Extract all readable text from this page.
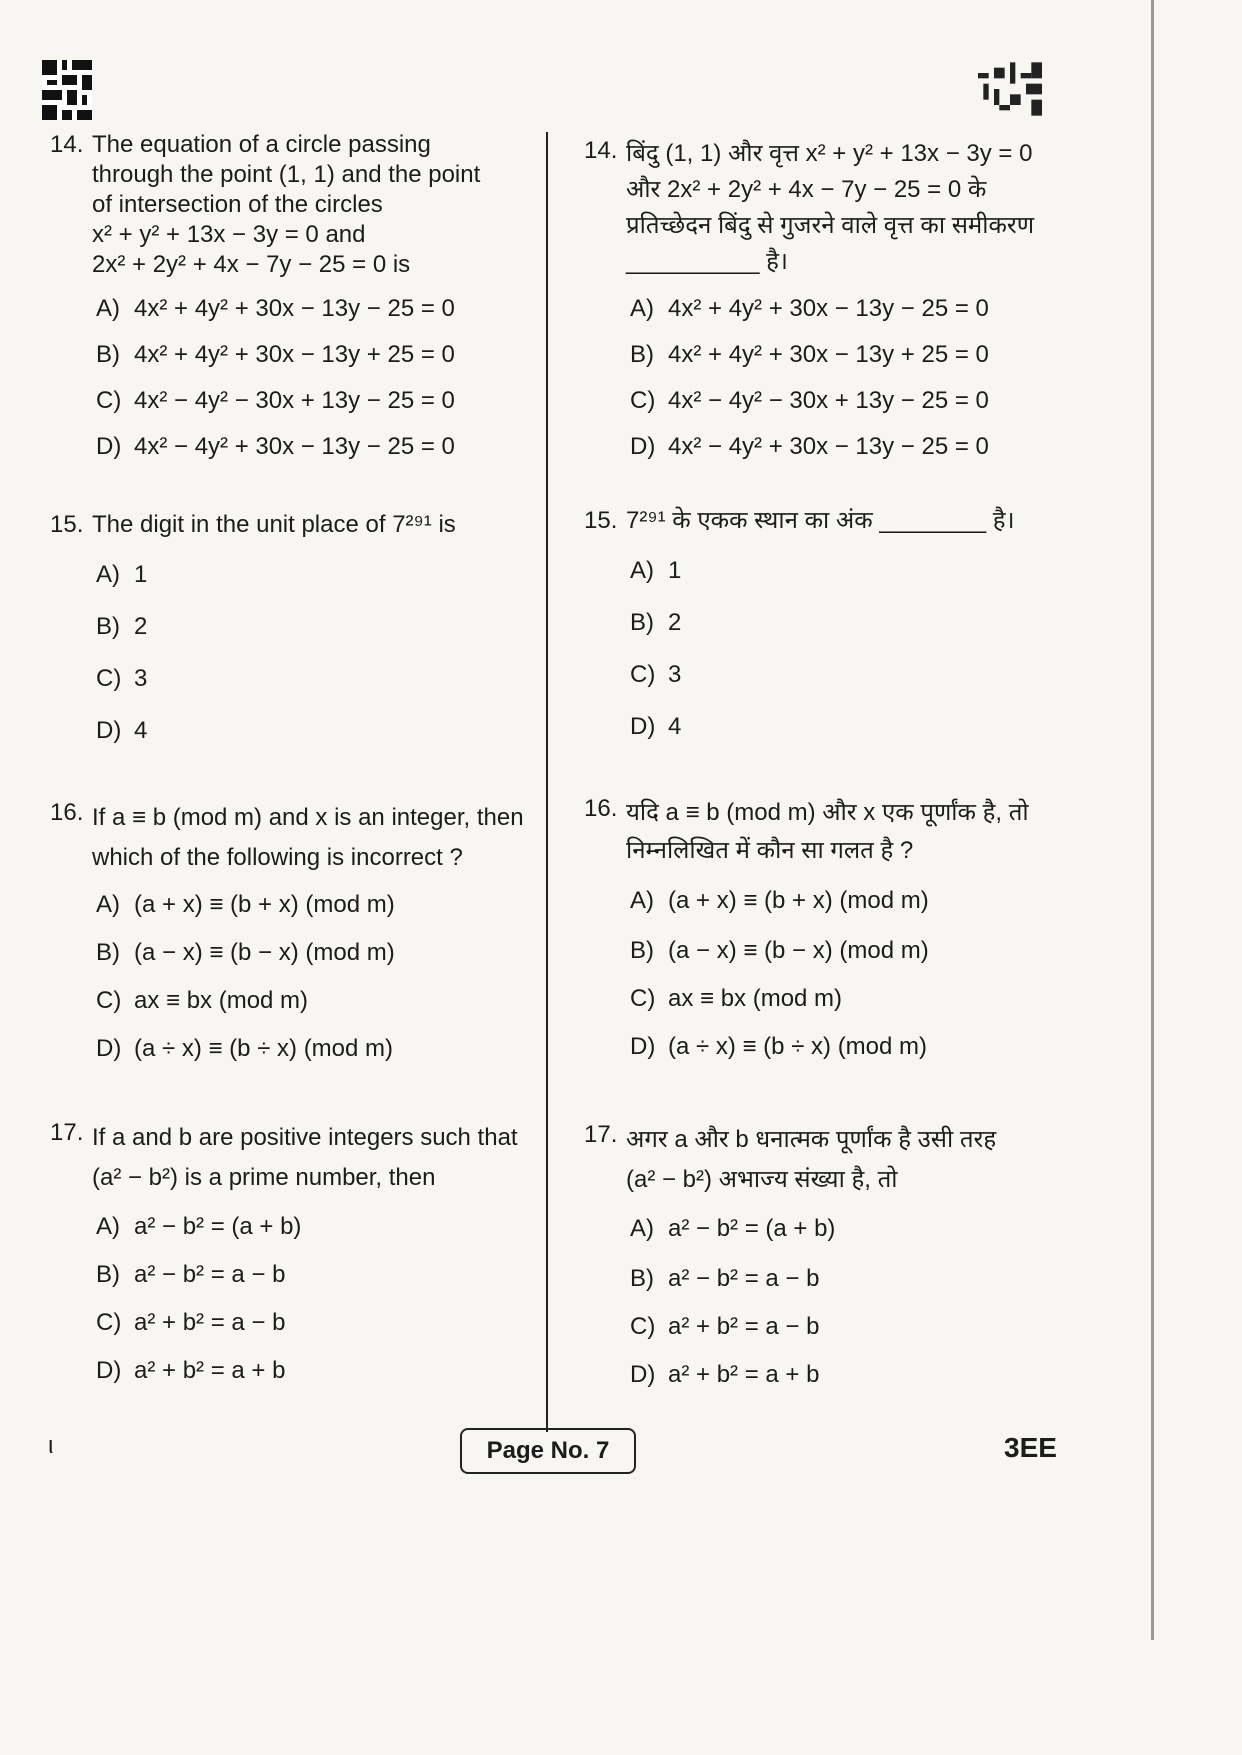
14. The equation of a circle passing
through the point (1, 1) and the point
of intersection of the circles
x² + y² + 13x − 3y = 0 and
2x² + 2y² + 4x − 7y − 25 = 0 is
A) 4x² + 4y² + 30x − 13y − 25 = 0
B) 4x² + 4y² + 30x − 13y + 25 = 0
C) 4x² − 4y² − 30x + 13y − 25 = 0
D) 4x² − 4y² + 30x − 13y − 25 = 0
15. The digit in the unit place of 7²⁹¹ is
A) 1
B) 2
C) 3
D) 4
16. If a ≡ b (mod m) and x is an integer, then
which of the following is incorrect ?
A) (a + x) ≡ (b + x) (mod m)
B) (a − x) ≡ (b − x) (mod m)
C) ax ≡ bx (mod m)
D) (a ÷ x) ≡ (b ÷ x) (mod m)
17. If a and b are positive integers such that
(a² − b²) is a prime number, then
A) a² − b² = (a + b)
B) a² − b² = a − b
C) a² + b² = a − b
D) a² + b² = a + b
14. बिंदु (1, 1) और वृत्त x² + y² + 13x − 3y = 0
और 2x² + 2y² + 4x − 7y − 25 = 0 के
प्रतिच्छेदन बिंदु से गुजरने वाले वृत्त का समीकरण
__________ है।
A) 4x² + 4y² + 30x − 13y − 25 = 0
B) 4x² + 4y² + 30x − 13y + 25 = 0
C) 4x² − 4y² − 30x + 13y − 25 = 0
D) 4x² − 4y² + 30x − 13y − 25 = 0
15. 7²⁹¹ के एकक स्थान का अंक ________ है।
A) 1
B) 2
C) 3
D) 4
16. यदि a ≡ b (mod m) और x एक पूर्णांक है, तो
निम्नलिखित में कौन सा गलत है ?
A) (a + x) ≡ (b + x) (mod m)
B) (a − x) ≡ (b − x) (mod m)
C) ax ≡ bx (mod m)
D) (a ÷ x) ≡ (b ÷ x) (mod m)
17. अगर a और b धनात्मक पूर्णांक है उसी तरह
(a² − b²) अभाज्य संख्या है, तो
A) a² − b² = (a + b)
B) a² − b² = a − b
C) a² + b² = a − b
D) a² + b² = a + b
ι	Page No. 7	3EE
